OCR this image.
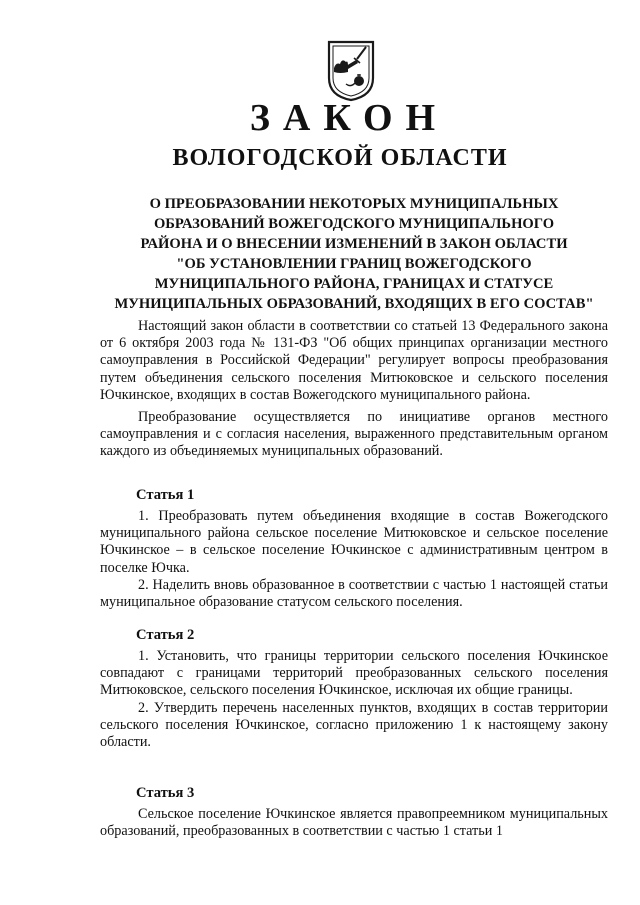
ЗАКОН
ВОЛОГОДСКОЙ ОБЛАСТИ
О ПРЕОБРАЗОВАНИИ НЕКОТОРЫХ МУНИЦИПАЛЬНЫХ
ОБРАЗОВАНИЙ ВОЖЕГОДСКОГО МУНИЦИПАЛЬНОГО
РАЙОНА И О ВНЕСЕНИИ ИЗМЕНЕНИЙ В ЗАКОН ОБЛАСТИ
"ОБ УСТАНОВЛЕНИИ ГРАНИЦ ВОЖЕГОДСКОГО
МУНИЦИПАЛЬНОГО РАЙОНА, ГРАНИЦАХ И СТАТУСЕ
МУНИЦИПАЛЬНЫХ ОБРАЗОВАНИЙ, ВХОДЯЩИХ В ЕГО СОСТАВ"

Настоящий закон области в соответствии со статьей 13 Федерального закона от 6 октября 2003 года № 131-ФЗ "Об общих принципах организации местного самоуправления в Российской Федерации" регулирует вопросы преобразования путем объединения сельского поселения Митюковское и сельского поселения Ючкинское, входящих в состав Вожегодского муниципального района.

Преобразование осуществляется по инициативе органов местного самоуправления и с согласия населения, выраженного представительным органом каждого из объединяемых муниципальных образований.

Статья 1

1. Преобразовать путем объединения входящие в состав Вожегодского муниципального района сельское поселение Митюковское и сельское поселение Ючкинское – в сельское поселение Ючкинское с административным центром в поселке Ючка.

2. Наделить вновь образованное в соответствии с частью 1 настоящей статьи муниципальное образование статусом сельского поселения.

Статья 2

1. Установить, что границы территории сельского поселения Ючкинское совпадают с границами территорий преобразованных сельского поселения Митюковское, сельского поселения Ючкинское, исключая их общие границы.

2. Утвердить перечень населенных пунктов, входящих в состав территории сельского поселения Ючкинское, согласно приложению 1 к настоящему закону области.

Статья 3

Сельское поселение Ючкинское является правопреемником муниципальных образований, преобразованных в соответствии с частью 1 статьи 1
